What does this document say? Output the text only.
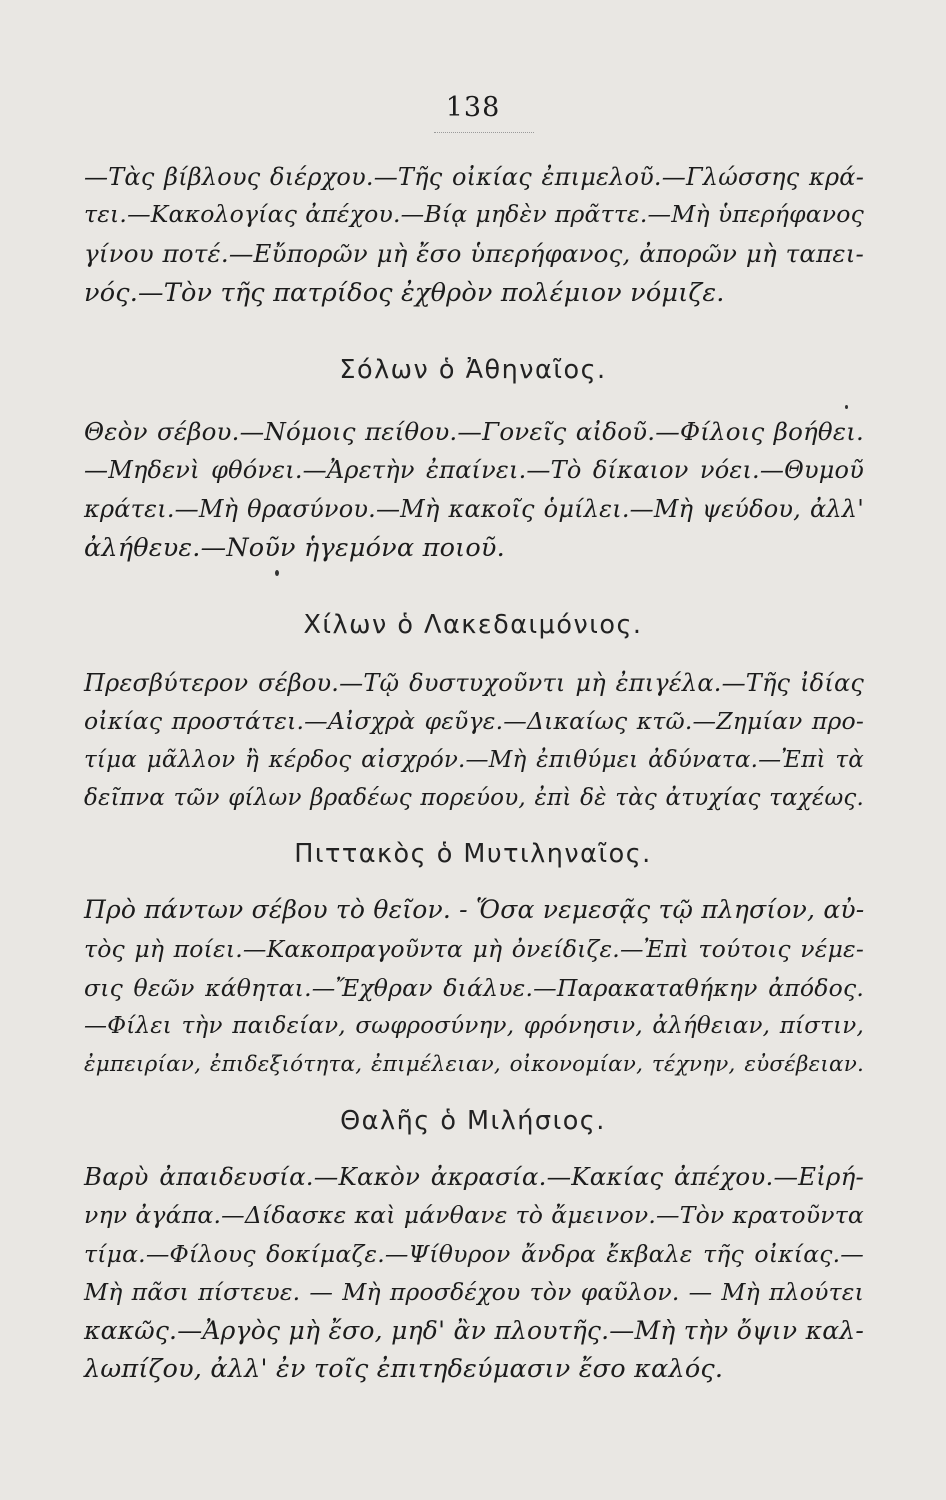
138
—Τὰς βίβλους διέρχου.—Τῆς οἰκίας ἐπιμελοῦ.—Γλώσσης κρά-
τει.—Κακολογίας ἀπέχου.—Βίᾳ μηδὲν πρᾶττε.—Μὴ ὑπερήφανος
γίνου ποτέ.—Εὔπορῶν μὴ ἔσο ὑπερήφανος, ἀπορῶν μὴ ταπει-
νός.—Τὸν τῆς πατρίδος ἐχθρὸν πολέμιον νόμιζε.
Σόλων ὁ Ἀθηναῖος.
Θεὸν σέβου.—Νόμοις πείθου.—Γονεῖς αἰδοῦ.—Φίλοις βοήθει.
—Μηδενὶ φθόνει.—Ἀρετὴν ἐπαίνει.—Τὸ δίκαιον νόει.—Θυμοῦ
κράτει.—Μὴ θρασύνου.—Μὴ κακοῖς ὁμίλει.—Μὴ ψεύδου, ἀλλ'
ἀλήθευε.—Νοῦν ἡγεμόνα ποιοῦ.
Χίλων ὁ Λακεδαιμόνιος.
Πρεσβύτερον σέβου.—Τῷ δυστυχοῦντι μὴ ἐπιγέλα.—Τῆς ἰδίας
οἰκίας προστάτει.—Αἰσχρὰ φεῦγε.—Δικαίως κτῶ.—Ζημίαν προ-
τίμα μᾶλλον ἢ κέρδος αἰσχρόν.—Μὴ ἐπιθύμει ἀδύνατα.—Ἐπὶ τὰ
δεῖπνα τῶν φίλων βραδέως πορεύου, ἐπὶ δὲ τὰς ἀτυχίας ταχέως.
Πιττακὸς ὁ Μυτιληναῖος.
Πρὸ πάντων σέβου τὸ θεῖον. ‑ Ὅσα νεμεσᾷς τῷ πλησίον, αὐ-
τὸς μὴ ποίει.—Κακοπραγοῦντα μὴ ὀνείδιζε.—Ἐπὶ τούτοις νέμε-
σις θεῶν κάθηται.—Ἔχθραν διάλυε.—Παρακαταθήκην ἀπόδος.
—Φίλει τὴν παιδείαν, σωφροσύνην, φρόνησιν, ἀλήθειαν, πίστιν,
ἐμπειρίαν, ἐπιδεξιότητα, ἐπιμέλειαν, οἰκονομίαν, τέχνην, εὐσέβειαν.
Θαλῆς ὁ Μιλήσιος.
Βαρὺ ἀπαιδευσία.—Κακὸν ἀκρασία.—Κακίας ἀπέχου.—Εἰρή-
νην ἀγάπα.—Δίδασκε καὶ μάνθανε τὸ ἄμεινον.—Τὸν κρατοῦντα
τίμα.—Φίλους δοκίμαζε.—Ψίθυρον ἄνδρα ἔκβαλε τῆς οἰκίας.—
Μὴ πᾶσι πίστευε. — Μὴ προσδέχου τὸν φαῦλον. — Μὴ πλούτει
κακῶς.—Ἀργὸς μὴ ἔσο, μηδ' ἂν πλουτῆς.—Μὴ τὴν ὄψιν καλ-
λωπίζου, ἀλλ' ἐν τοῖς ἐπιτηδεύμασιν ἔσο καλός.
